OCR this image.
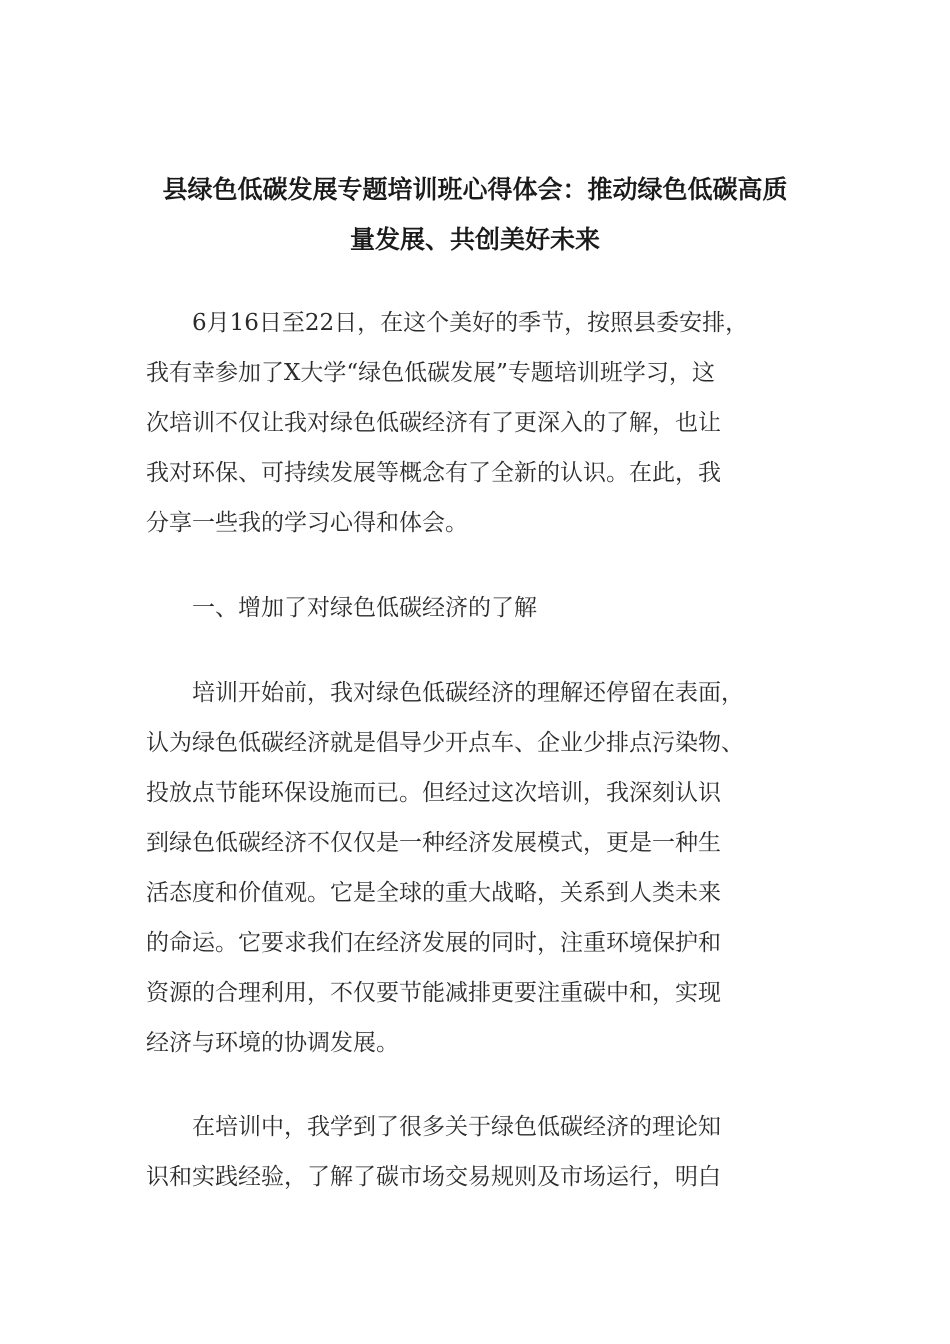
县绿色低碳发展专题培训班心得体会：推动绿色低碳高质
量发展、共创美好未来
　　6月16日至22日，在这个美好的季节，按照县委安排，
我有幸参加了X大学“绿色低碳发展”专题培训班学习，这
次培训不仅让我对绿色低碳经济有了更深入的了解，也让
我对环保、可持续发展等概念有了全新的认识。在此，我
分享一些我的学习心得和体会。
　　一、增加了对绿色低碳经济的了解
　　培训开始前，我对绿色低碳经济的理解还停留在表面，
认为绿色低碳经济就是倡导少开点车、企业少排点污染物、
投放点节能环保设施而已。但经过这次培训，我深刻认识
到绿色低碳经济不仅仅是一种经济发展模式，更是一种生
活态度和价值观。它是全球的重大战略，关系到人类未来
的命运。它要求我们在经济发展的同时，注重环境保护和
资源的合理利用，不仅要节能减排更要注重碳中和，实现
经济与环境的协调发展。
　　在培训中，我学到了很多关于绿色低碳经济的理论知
识和实践经验，了解了碳市场交易规则及市场运行，明白
